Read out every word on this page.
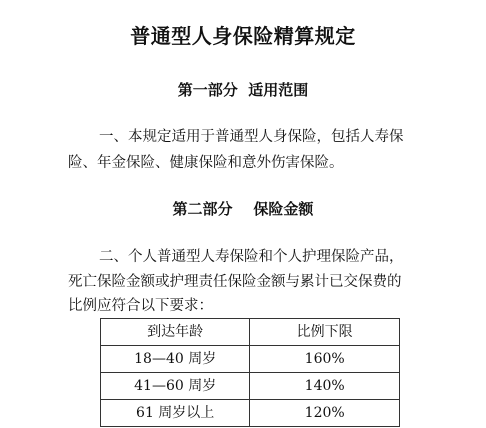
普通型人身保险精算规定
第一部分  适用范围
一、本规定适用于普通型人身保险，包括人寿保
险、年金保险、健康保险和意外伤害保险。
第二部分    保险金额
二、个人普通型人寿保险和个人护理保险产品，
死亡保险金额或护理责任保险金额与累计已交保费的
比例应符合以下要求：
到达年龄	比例下限
18—40 周岁	160%
41—60 周岁	140%
61 周岁以上	120%
